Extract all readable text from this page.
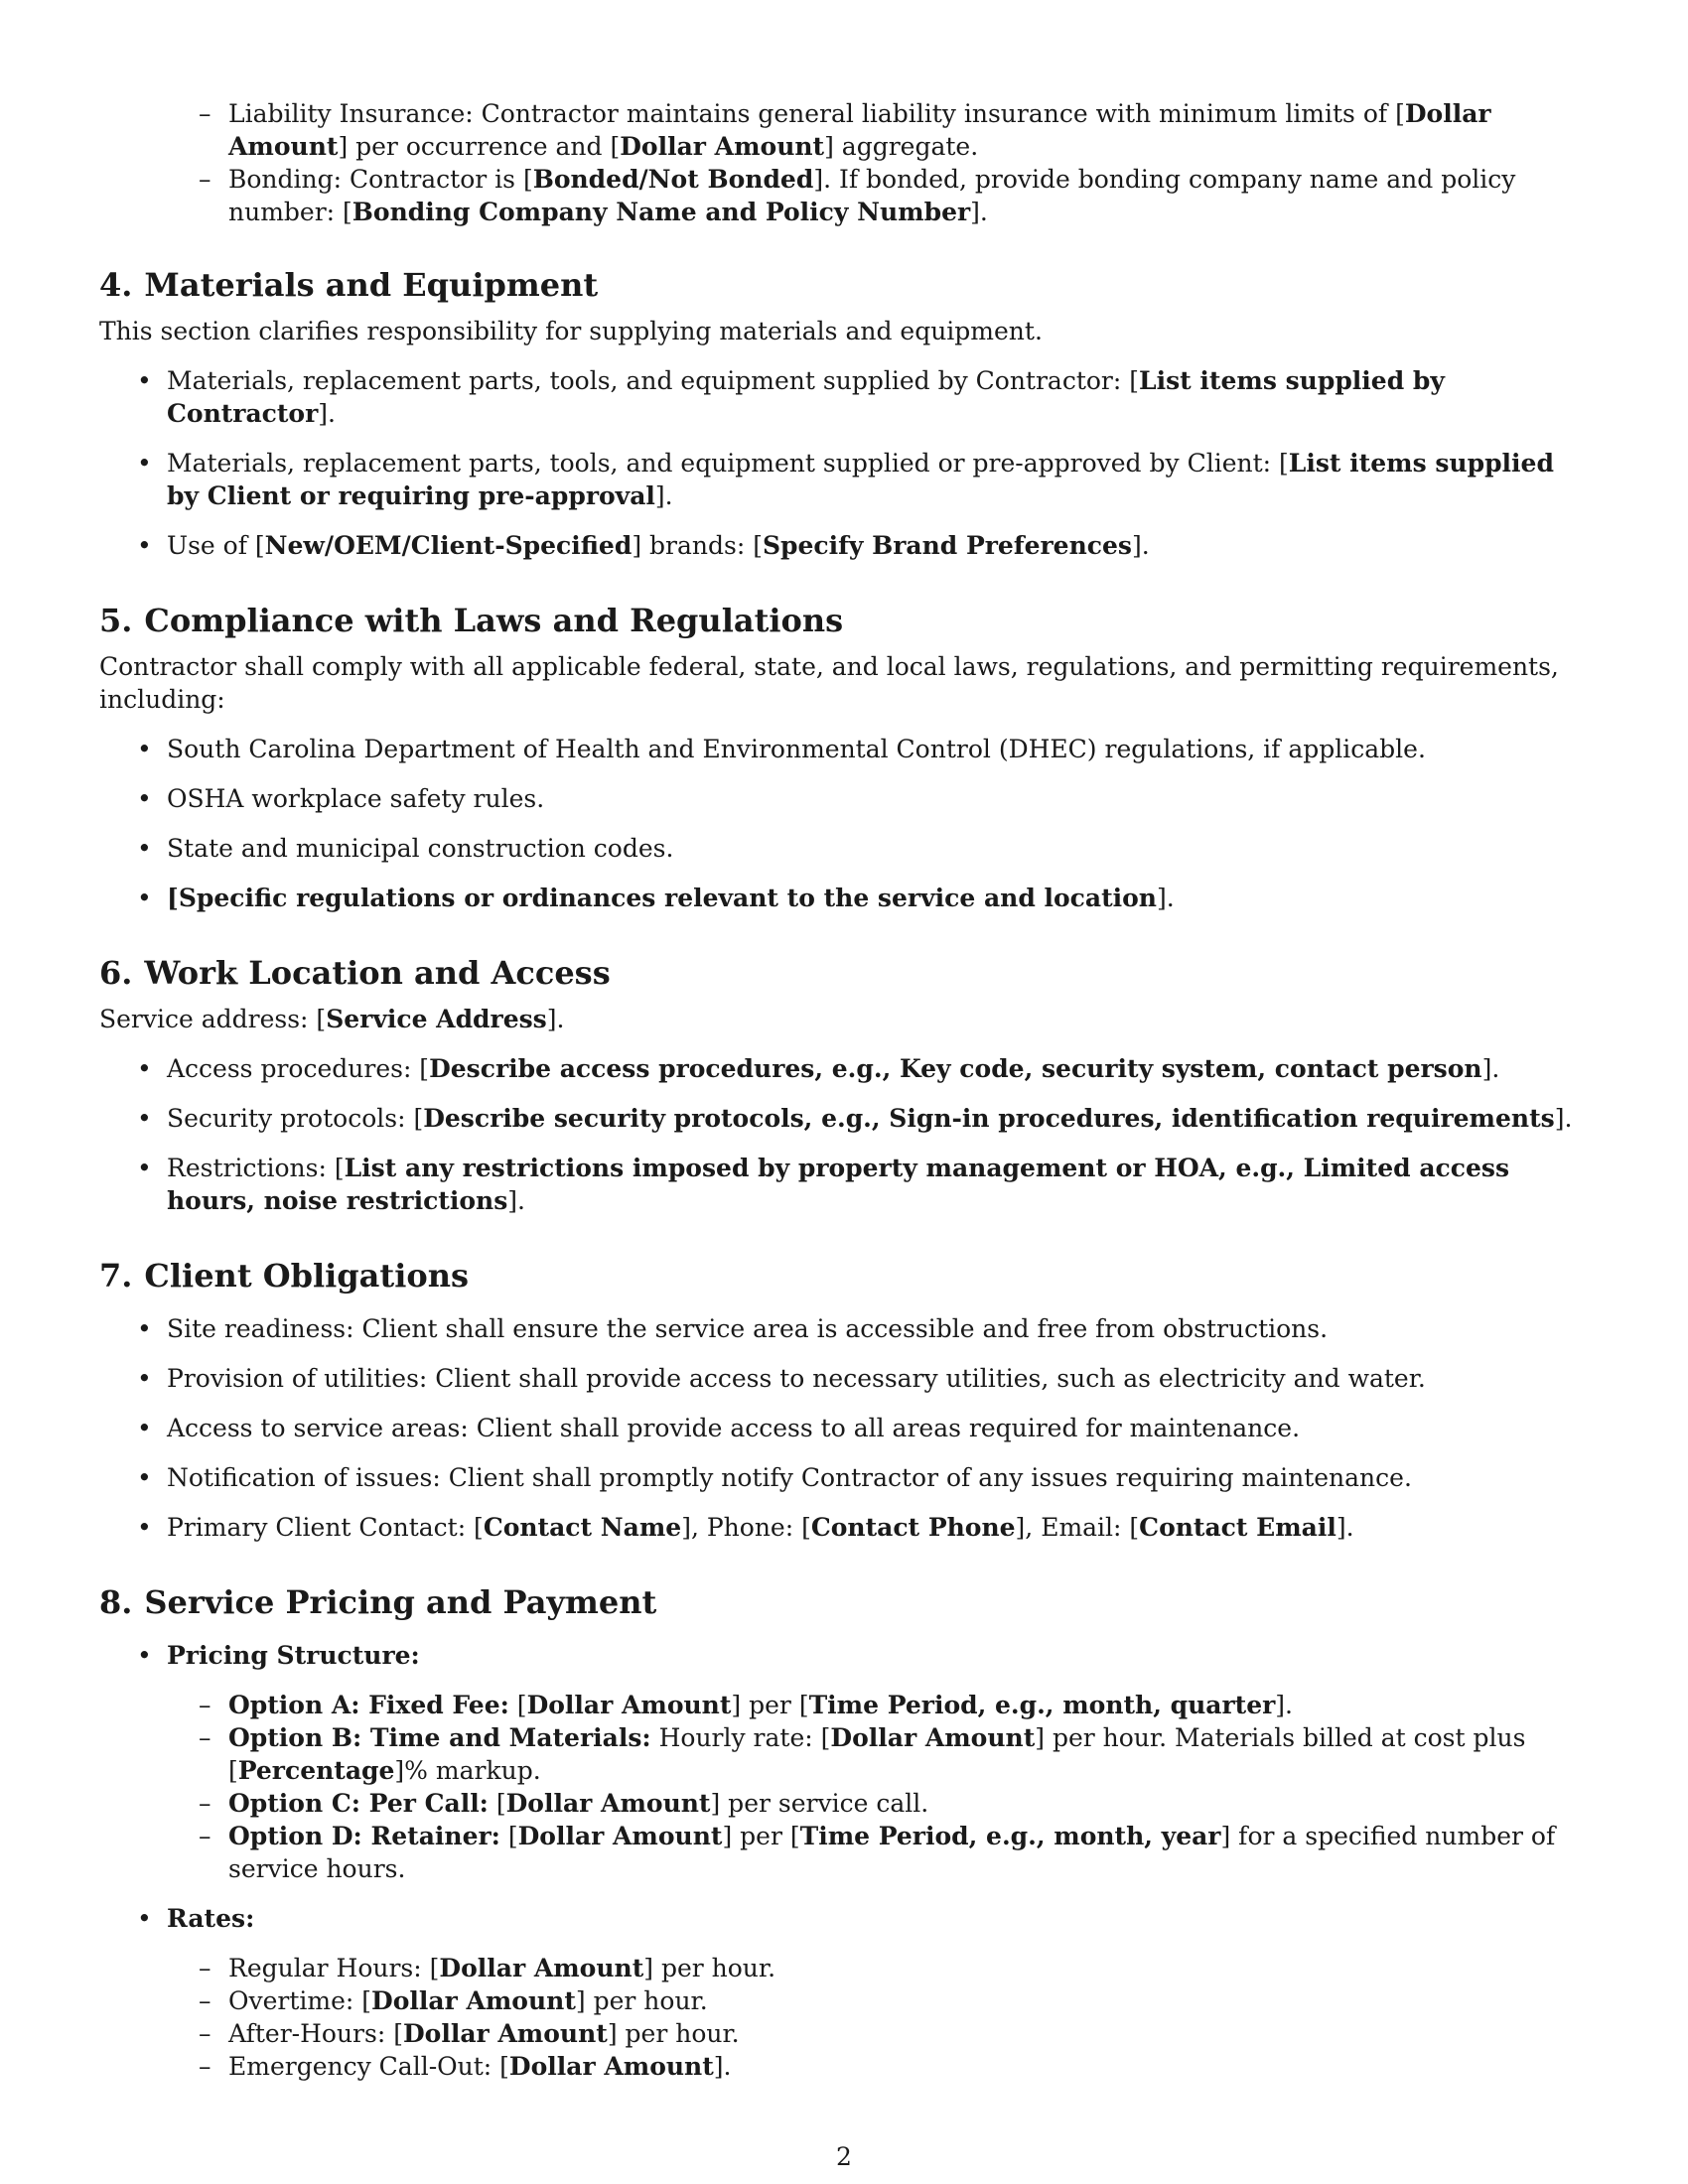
– Liability Insurance: Contractor maintains general liability insurance with minimum limits of [Dollar Amount] per occurrence and [Dollar Amount] aggregate.
– Bonding: Contractor is [Bonded/Not Bonded]. If bonded, provide bonding company name and policy number: [Bonding Company Name and Policy Number].
4. Materials and Equipment

This section clarifies responsibility for supplying materials and equipment.

• Materials, replacement parts, tools, and equipment supplied by Contractor: [List items supplied by Contractor].
• Materials, replacement parts, tools, and equipment supplied or pre-approved by Client: [List items supplied by Client or requiring pre-approval].
• Use of [New/OEM/Client-Specified] brands: [Specify Brand Preferences].
5. Compliance with Laws and Regulations

Contractor shall comply with all applicable federal, state, and local laws, regulations, and permitting requirements, including:

• South Carolina Department of Health and Environmental Control (DHEC) regulations, if applicable.
• OSHA workplace safety rules.
• State and municipal construction codes.
• [Specific regulations or ordinances relevant to the service and location].
6. Work Location and Access

Service address: [Service Address].

• Access procedures: [Describe access procedures, e.g., Key code, security system, contact person].
• Security protocols: [Describe security protocols, e.g., Sign-in procedures, identification requirements].
• Restrictions: [List any restrictions imposed by property management or HOA, e.g., Limited access hours, noise restrictions].
7. Client Obligations
• Site readiness: Client shall ensure the service area is accessible and free from obstructions.
• Provision of utilities: Client shall provide access to necessary utilities, such as electricity and water.
• Access to service areas: Client shall provide access to all areas required for maintenance.
• Notification of issues: Client shall promptly notify Contractor of any issues requiring maintenance.
• Primary Client Contact: [Contact Name], Phone: [Contact Phone], Email: [Contact Email].
8. Service Pricing and Payment
• Pricing Structure:
– Option A: Fixed Fee: [Dollar Amount] per [Time Period, e.g., month, quarter].
– Option B: Time and Materials: Hourly rate: [Dollar Amount] per hour. Materials billed at cost plus [Percentage]% markup.
– Option C: Per Call: [Dollar Amount] per service call.
– Option D: Retainer: [Dollar Amount] per [Time Period, e.g., month, year] for a specified number of service hours.
• Rates:
– Regular Hours: [Dollar Amount] per hour.
– Overtime: [Dollar Amount] per hour.
– After-Hours: [Dollar Amount] per hour.
– Emergency Call-Out: [Dollar Amount].
2
